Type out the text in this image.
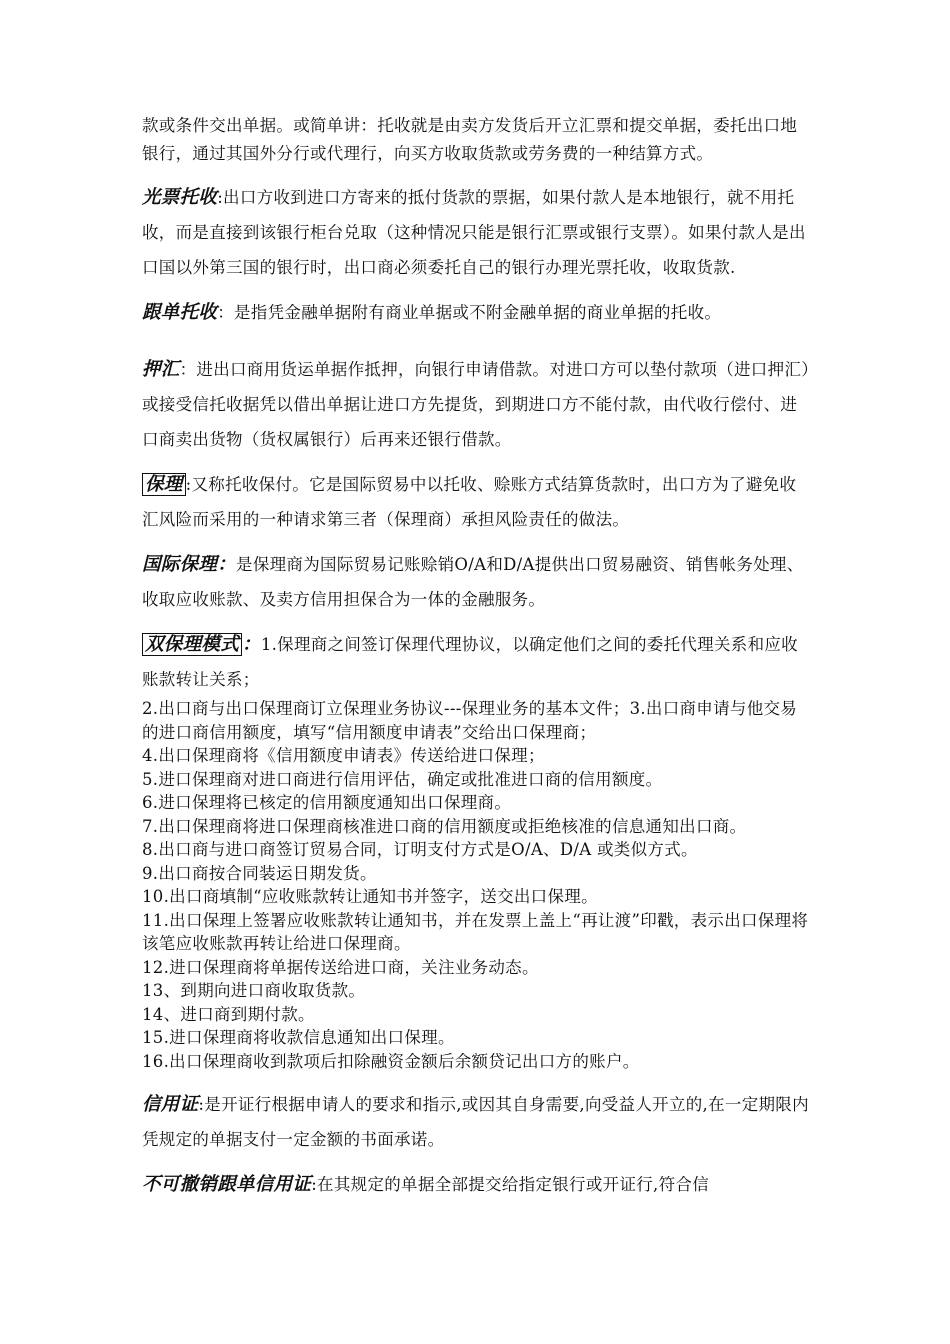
款或条件交出单据。或简单讲：托收就是由卖方发货后开立汇票和提交单据，委托出口地银行，通过其国外分行或代理行，向买方收取货款或劳务费的一种结算方式。

光票托收:出口方收到进口方寄来的抵付货款的票据，如果付款人是本地银行，就不用托收，而是直接到该银行柜台兑取（这种情况只能是银行汇票或银行支票）。如果付款人是出口国以外第三国的银行时，出口商必须委托自己的银行办理光票托收，收取货款.

跟单托收：是指凭金融单据附有商业单据或不附金融单据的商业单据的托收。

押汇：进出口商用货运单据作抵押，向银行申请借款。对进口方可以垫付款项（进口押汇）或接受信托收据凭以借出单据让进口方先提货，到期进口方不能付款，由代收行偿付、进口商卖出货物（货权属银行）后再来还银行借款。

保理 :又称托收保付。它是国际贸易中以托收、赊账方式结算货款时，出口方为了避免收汇风险而采用的一种请求第三者（保理商）承担风险责任的做法。

国际保理：是保理商为国际贸易记账赊销O/A和D/A提供出口贸易融资、销售帐务处理、收取应收账款、及卖方信用担保合为一体的金融服务。

双保理模式 ：1.保理商之间签订保理代理协议，以确定他们之间的委托代理关系和应收账款转让关系；

2.出口商与出口保理商订立保理业务协议---保理业务的基本文件；3.出口商申请与他交易的进口商信用额度，填写“信用额度申请表”交给出口保理商；

4.出口保理商将《信用额度申请表》传送给进口保理；

5.进口保理商对进口商进行信用评估，确定或批准进口商的信用额度。

6.进口保理将已核定的信用额度通知出口保理商。

7.出口保理商将进口保理商核准进口商的信用额度或拒绝核准的信息通知出口商。

8.出口商与进口商签订贸易合同，订明支付方式是O/A、D/A 或类似方式。

9.出口商按合同装运日期发货。

10.出口商填制“应收账款转让通知书并签字，送交出口保理。

11.出口保理上签署应收账款转让通知书，并在发票上盖上“再让渡”印戳，表示出口保理将该笔应收账款再转让给进口保理商。

12.进口保理商将单据传送给进口商，关注业务动态。

13、到期向进口商收取货款。

14、进口商到期付款。

15.进口保理商将收款信息通知出口保理。

16.出口保理商收到款项后扣除融资金额后余额贷记出口方的账户。

信用证:是开证行根据申请人的要求和指示,或因其自身需要,向受益人开立的,在一定期限内凭规定的单据支付一定金额的书面承诺。

不可撤销跟单信用证:在其规定的单据全部提交给指定银行或开证行,符合信
